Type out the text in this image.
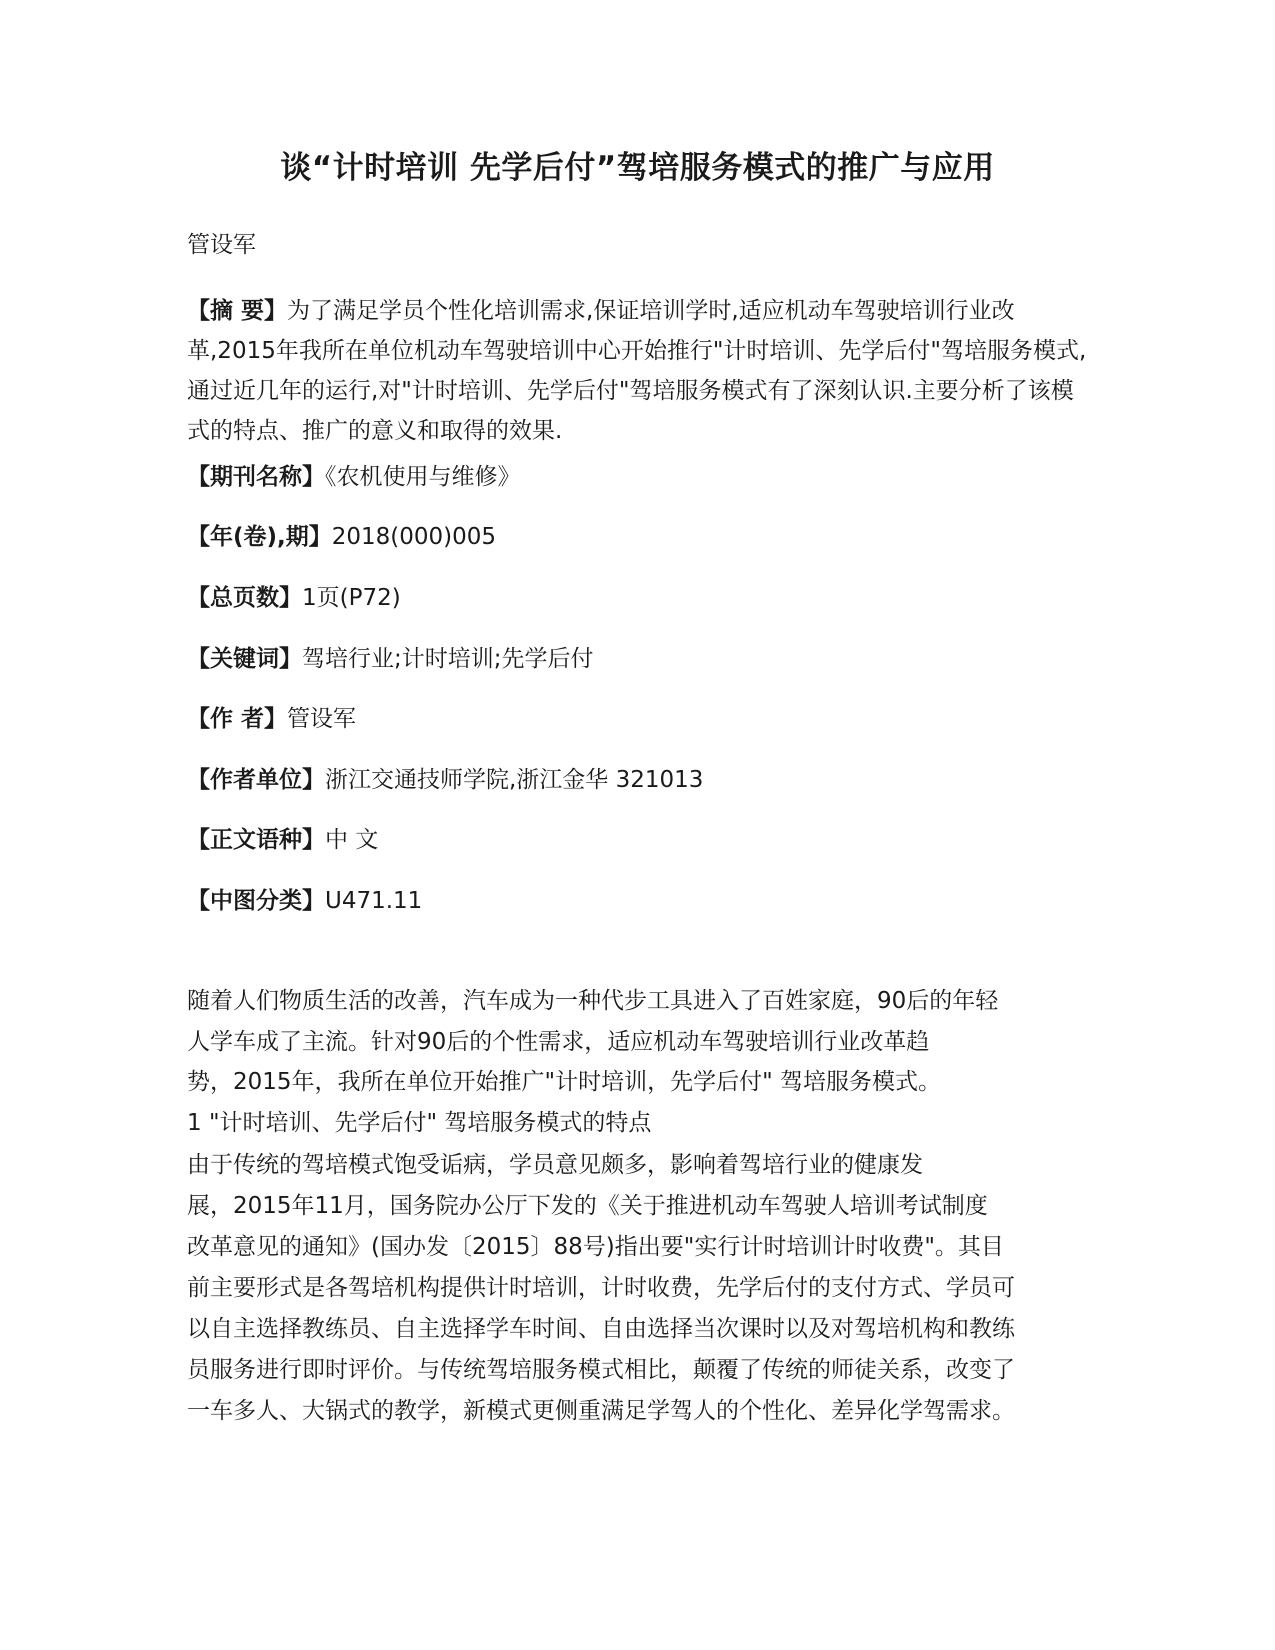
谈“计时培训 先学后付”驾培服务模式的推广与应用
管设军

【摘 要】为了满足学员个性化培训需求,保证培训学时,适应机动车驾驶培训行业改革,2015年我所在单位机动车驾驶培训中心开始推行"计时培训、先学后付"驾培服务模式,通过近几年的运行,对"计时培训、先学后付"驾培服务模式有了深刻认识.主要分析了该模式的特点、推广的意义和取得的效果.

【期刊名称】《农机使用与维修》
【年(卷),期】2018(000)005
【总页数】1页(P72)
【关键词】驾培行业;计时培训;先学后付
【作 者】管设军
【作者单位】浙江交通技师学院,浙江金华 321013
【正文语种】中 文
【中图分类】U471.11
随着人们物质生活的改善，汽车成为一种代步工具进入了百姓家庭，90后的年轻
人学车成了主流。针对90后的个性需求，适应机动车驾驶培训行业改革趋
势，2015年，我所在单位开始推广"计时培训，先学后付" 驾培服务模式。
1 "计时培训、先学后付" 驾培服务模式的特点
由于传统的驾培模式饱受诟病，学员意见颇多，影响着驾培行业的健康发
展，2015年11月，国务院办公厅下发的《关于推进机动车驾驶人培训考试制度
改革意见的通知》(国办发〔2015〕88号)指出要"实行计时培训计时收费"。其目
前主要形式是各驾培机构提供计时培训，计时收费，先学后付的支付方式、学员可
以自主选择教练员、自主选择学车时间、自由选择当次课时以及对驾培机构和教练
员服务进行即时评价。与传统驾培服务模式相比，颠覆了传统的师徒关系，改变了
一车多人、大锅式的教学，新模式更侧重满足学驾人的个性化、差异化学驾需求。
